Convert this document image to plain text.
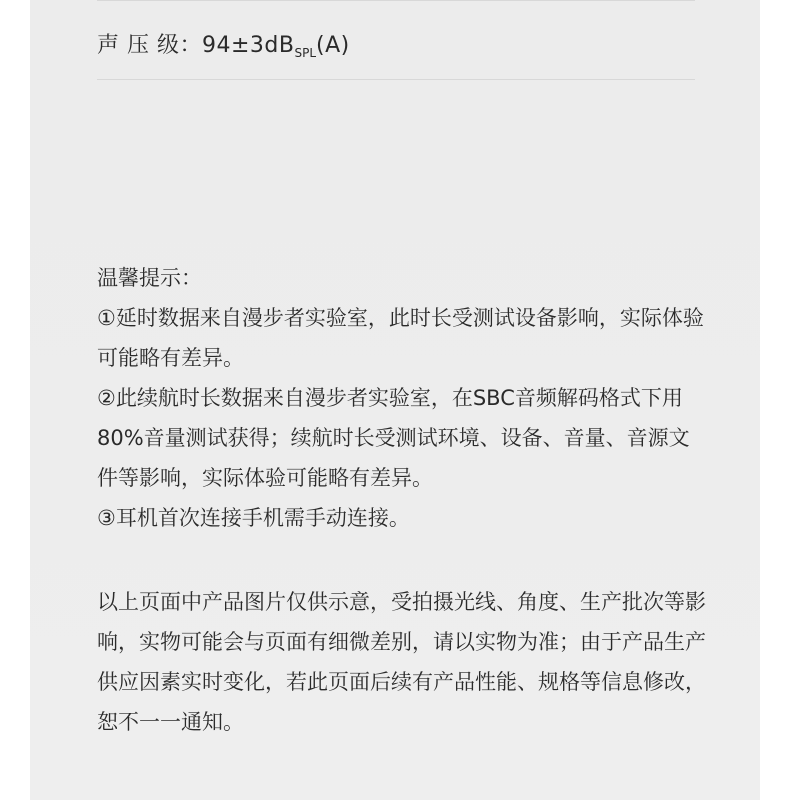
声 压 级：$94\pm 3dB_{SPL}(A)$
温馨提示：
①延时数据来自漫步者实验室，此时长受测试设备影响，实际体验可能略有差异。
②此续航时长数据来自漫步者实验室，在SBC音频解码格式下用80%音量测试获得；续航时长受测试环境、设备、音量、音源文件等影响，实际体验可能略有差异。
③耳机首次连接手机需手动连接。
以上页面中产品图片仅供示意，受拍摄光线、角度、生产批次等影响，实物可能会与页面有细微差别，请以实物为准；由于产品生产供应因素实时变化，若此页面后续有产品性能、规格等信息修改，恕不一一通知。
